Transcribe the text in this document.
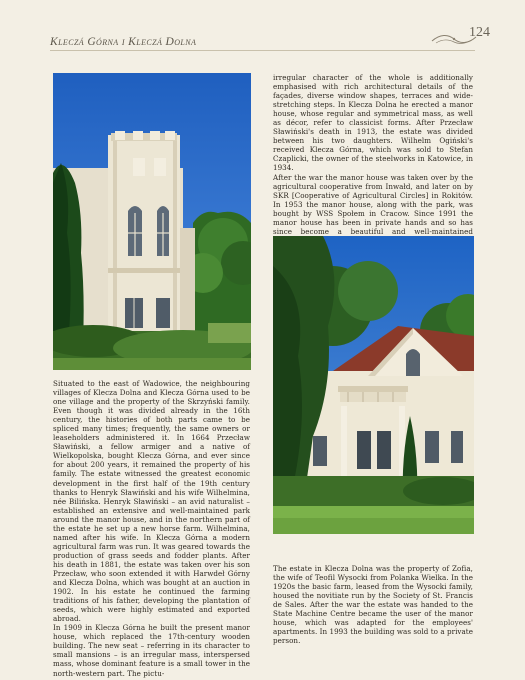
Kleczá Górna i Kleczá Dolna
124

irregular character of the whole is additionally emphasised with rich architectural details of the façades, diverse window shapes, terraces and wide-stretching steps. In Klecza Dolna he erected a manor house, whose regular and symmetrical mass, as well as décor, refer to classicist forms. After Przecław Sławiński's death in 1913, the estate was divided between his two daughters. Wilhelm Ogiński's received Klecza Górna, which was sold to Stefan Czaplicki, the owner of the steelworks in Katowice, in 1934.
After the war the manor house was taken over by the agricultural cooperative from Inwałd, and later on by SKR [Cooperative of Agricultural Circles] in Rokitów. In 1953 the manor house, along with the park, was bought by WSS Społem in Cracow. Since 1991 the manor house has been in private hands and so has since become a beautiful and well-maintained

Situated to the east of Wadowice, the neighbouring villages of Klecza Dolna and Klecza Górna used to be one village and the property of the Skrzyński family. Even though it was divided already in the 16th century, the histories of both parts came to be spliced many times; frequently, the same owners or leaseholders administered it. In 1664 Przecław Sławiński, a fellow armiger and a native of Wielkopolska, bought Klecza Górna, and ever since for about 200 years, it remained the property of his family. The estate witnessed the greatest economic development in the first half of the 19th century thanks to Henryk Sławiński and his wife Wilhelmina, née Bilińska. Henryk Sławiński – an avid naturalist – established an extensive and well-maintained park around the manor house, and in the northern part of the estate he set up a new horse farm. Wilhelmina, named after his wife. In Klecza Górna a modern agricultural farm was run. It was geared towards the production of grass seeds and fodder plants. After his death in 1881, the estate was taken over his son Przecław, who soon extended it with Harwdeł Górny and Klecza Dolna, which was bought at an auction in 1902. In his estate he continued the farming traditions of his father, developing the plantation of seeds, which were highly estimated and exported abroad.
In 1909 in Klecza Górna he built the present manor house, which replaced the 17th-century wooden building. The new seat – referring in its character to small mansions – is an irregular mass, interspersed mass, whose dominant feature is a small tower in the north-western part. The pictu-

The estate in Klecza Dolna was the property of Zofia, the wife of Teofil Wysocki from Polanka Wielka. In the 1920s the basic farm, leased from the Wysocki family, housed the novitiate run by the Society of St. Francis de Sales. After the war the estate was handed to the State Machine Centre became the user of the manor house, which was adapted for the employees' apartments. In 1993 the building was sold to a private person.
